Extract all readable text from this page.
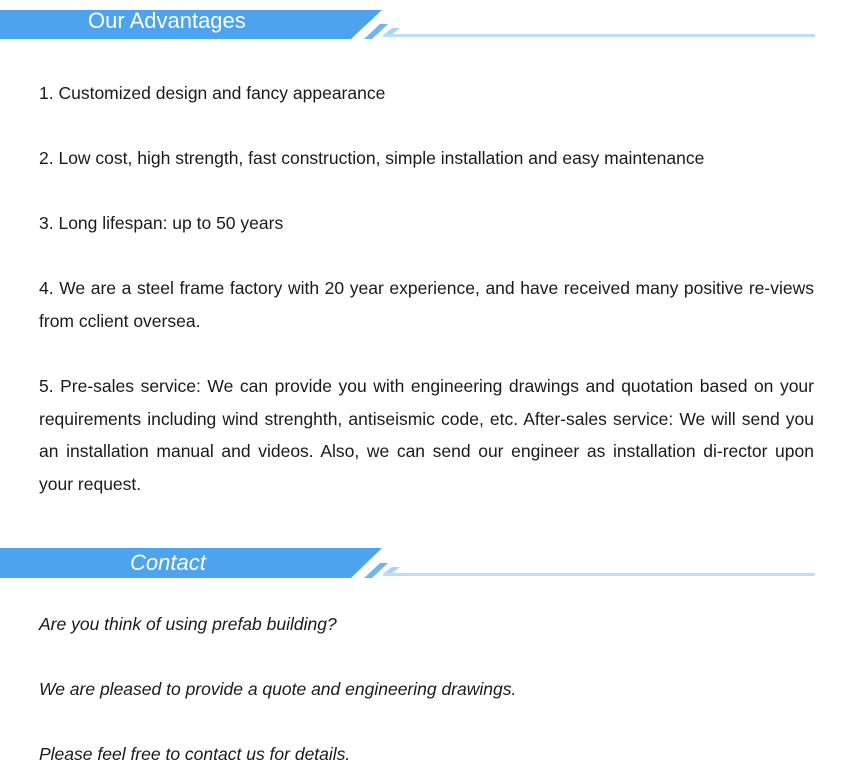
Our Advantages

1. Customized design and fancy appearance

2. Low cost, high strength, fast construction, simple installation and easy maintenance

3. Long lifespan: up to 50 years

4. We are a steel frame factory with 20 year experience, and have received many positive re-views from cclient oversea.

5. Pre-sales service: We can provide you with engineering drawings and quotation based on your requirements including wind strenghth, antiseismic code, etc. After-sales service: We will send you an installation manual and videos. Also, we can send our engineer as installation di-rector upon your request.

Contact

Are you think of using prefab building?

We are pleased to provide a quote and engineering drawings.

Please feel free to contact us for details.
